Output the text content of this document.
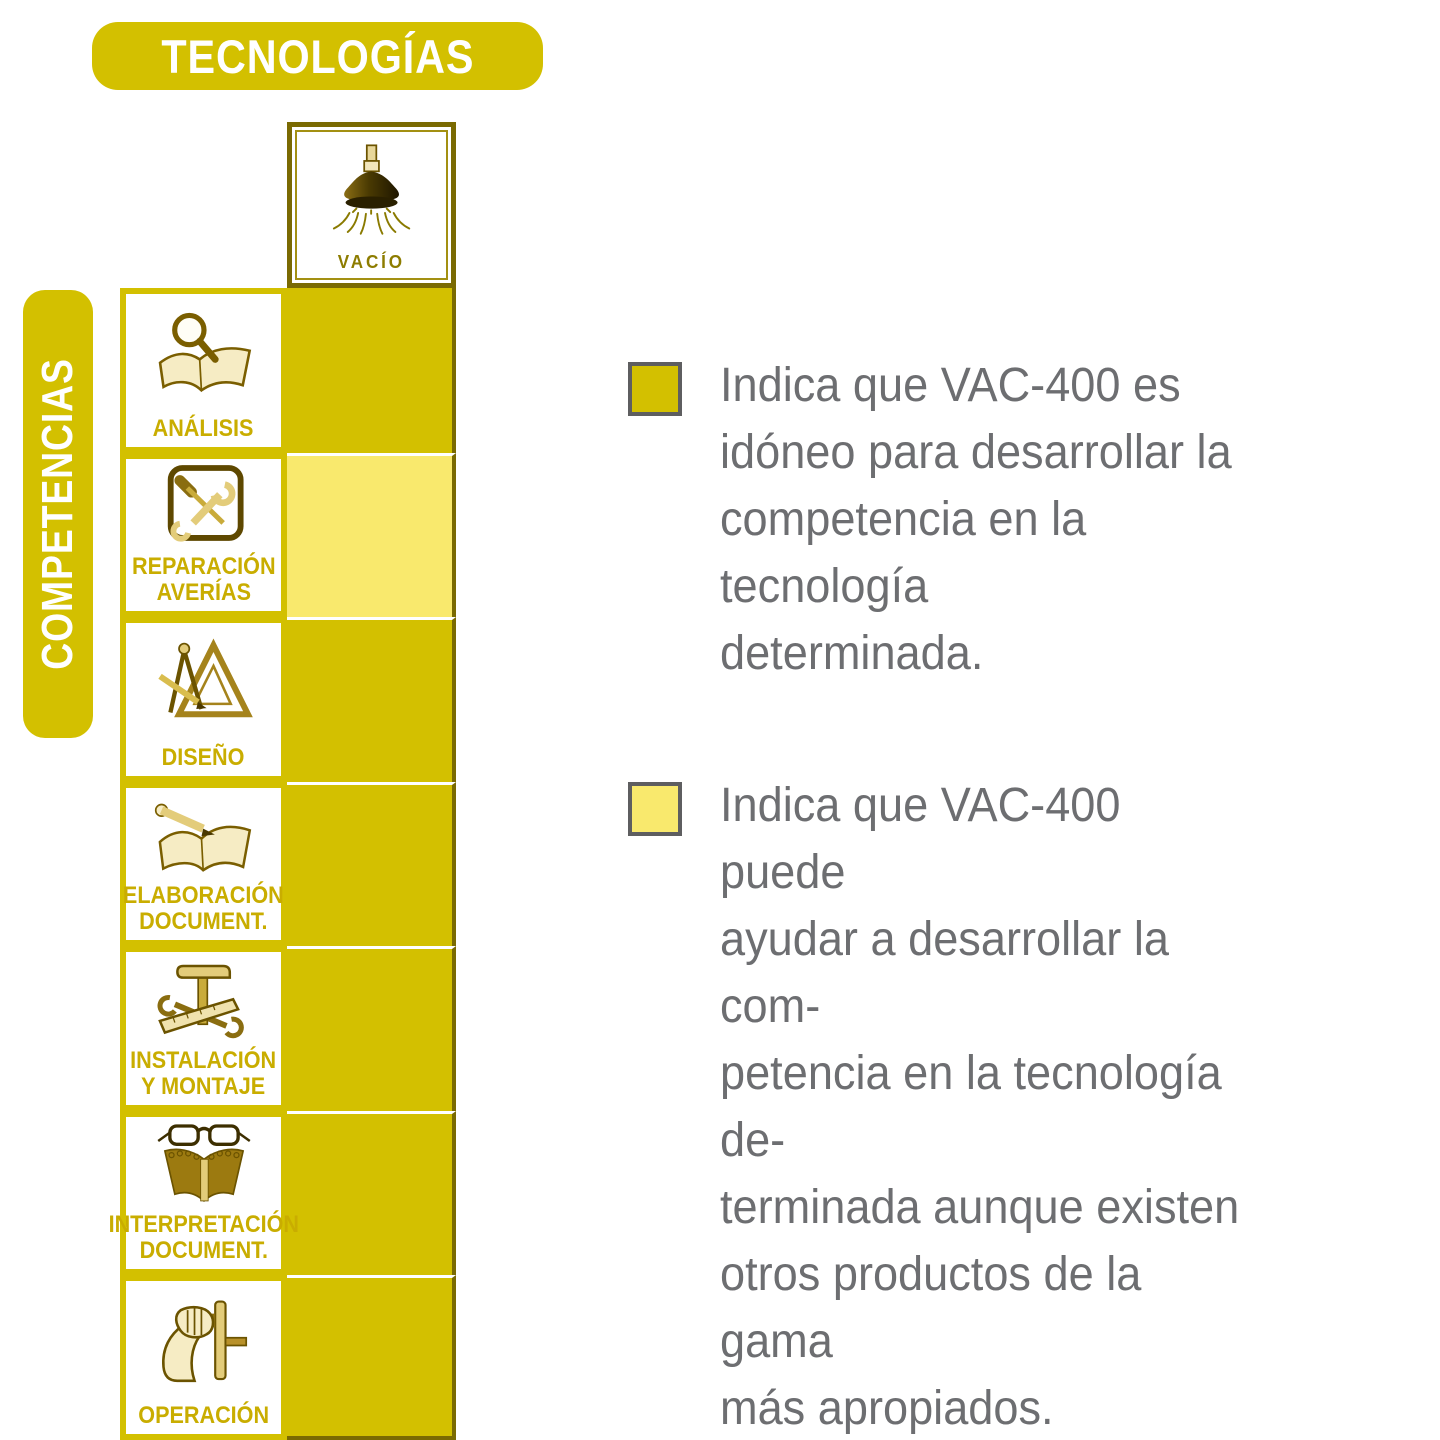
TECNOLOGÍAS
COMPETENCIAS
VACÍO
ANÁLISIS
REPARACIÓN
AVERÍAS
DISEÑO
ELABORACIÓN
DOCUMENT.
INSTALACIÓN
Y MONTAJE
INTERPRETACIÓN
DOCUMENT.
OPERACIÓN
Indica que VAC-400 es
idóneo para desarrollar la
competencia en la tecnología
determinada.
Indica que VAC-400 puede
ayudar a desarrollar la com-
petencia en la tecnología de-
terminada aunque existen
otros productos de la gama
más apropiados.
